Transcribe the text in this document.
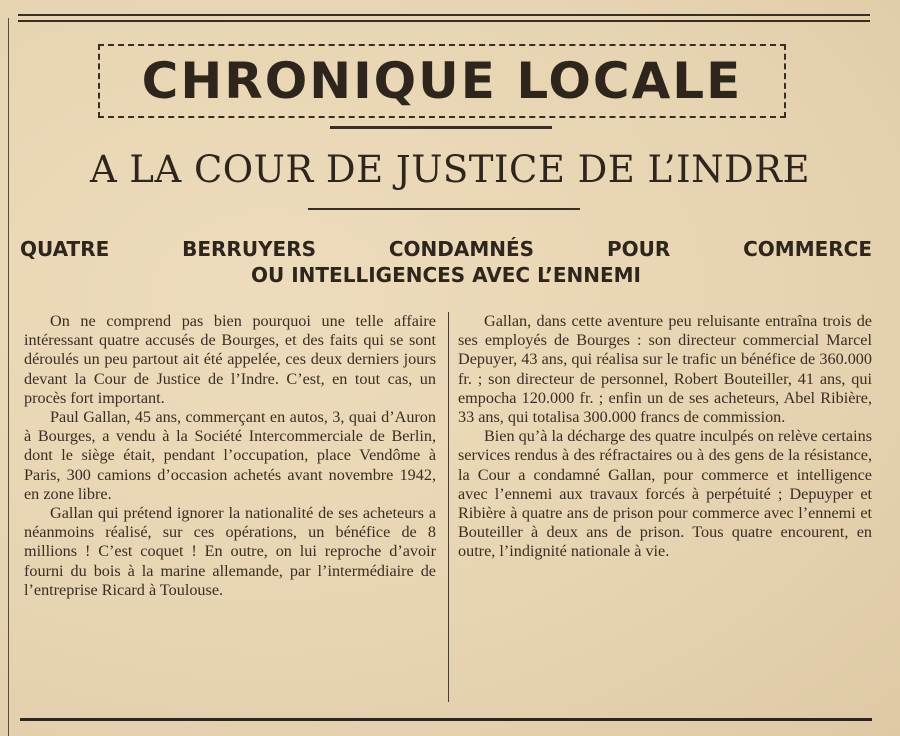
CHRONIQUE LOCALE
A LA COUR DE JUSTICE DE L’INDRE
QUATRE BERRUYERS CONDAMNÉS POUR COMMERCE
OU INTELLIGENCES AVEC L’ENNEMI

On ne comprend pas bien pourquoi une telle affaire intéressant quatre accusés de Bourges, et des faits qui se sont déroulés un peu partout ait été appelée, ces deux derniers jours devant la Cour de Justice de l’Indre. C’est, en tout cas, un procès fort important.

Paul Gallan, 45 ans, commerçant en autos, 3, quai d’Auron à Bourges, a vendu à la Société Intercommerciale de Berlin, dont le siège était, pendant l’occupation, place Vendôme à Paris, 300 camions d’occasion achetés avant novembre 1942, en zone libre.

Gallan qui prétend ignorer la nationalité de ses acheteurs a néanmoins réalisé, sur ces opérations, un bénéfice de 8 millions ! C’est coquet ! En outre, on lui reproche d’avoir fourni du bois à la marine allemande, par l’intermédiaire de l’entreprise Ricard à Toulouse.

Gallan, dans cette aventure peu reluisante entraîna trois de ses employés de Bourges : son directeur commercial Marcel Depuyer, 43 ans, qui réalisa sur le trafic un bénéfice de 360.000 fr. ; son directeur de personnel, Robert Bouteiller, 41 ans, qui empocha 120.000 fr. ; enfin un de ses acheteurs, Abel Ribière, 33 ans, qui totalisa 300.000 francs de commission.

Bien qu’à la décharge des quatre inculpés on relève certains services rendus à des réfractaires ou à des gens de la résistance, la Cour a condamné Gallan, pour commerce et intelligence avec l’ennemi aux travaux forcés à perpétuité ; Depuyper et Ribière à quatre ans de prison pour commerce avec l’ennemi et Bouteiller à deux ans de prison. Tous quatre encourent, en outre, l’indignité nationale à vie.
